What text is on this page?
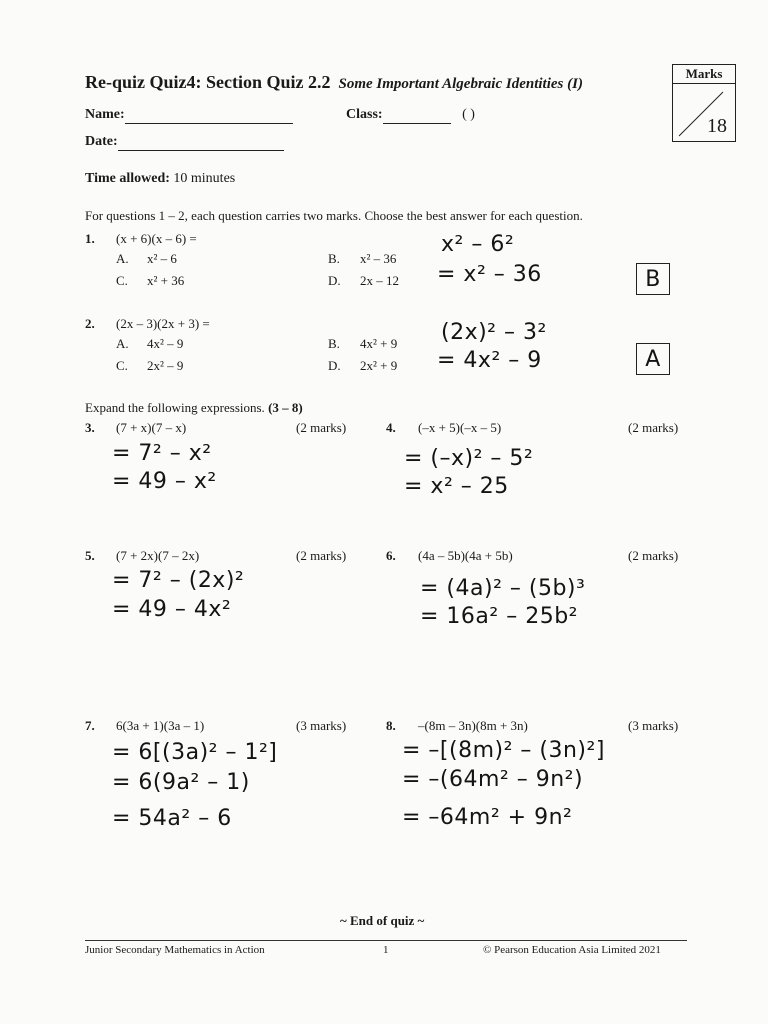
Re-quiz Quiz4: Section Quiz 2.2 Some Important Algebraic Identities (I)
Marks
18
Name:	Class:	( )
Date:
Time allowed: 10 minutes
For questions 1 – 2, each question carries two marks. Choose the best answer for each question.
1. (x + 6)(x – 6) =
A. x² – 6	B. x² – 36
C. x² + 36	D. 2x – 12
x² – 6²
= x² – 36	B
2. (2x – 3)(2x + 3) =
A. 4x² – 9	B. 4x² + 9
C. 2x² – 9	D. 2x² + 9
(2x)² – 3²
= 4x² – 9	A
Expand the following expressions. (3 – 8)
3. (7 + x)(7 – x)	(2 marks)
= 7² – x²
= 49 – x²
4. (–x + 5)(–x – 5)	(2 marks)
= (–x)² – 5²
= x² – 25
5. (7 + 2x)(7 – 2x)	(2 marks)
= 7² – (2x)²
= 49 – 4x²
6. (4a – 5b)(4a + 5b)	(2 marks)
= (4a)² – (5b)³
= 16a² – 25b²
7. 6(3a + 1)(3a – 1)	(3 marks)
= 6[(3a)² – 1²]
= 6(9a² – 1)
= 54a² – 6
8. –(8m – 3n)(8m + 3n)	(3 marks)
= –[(8m)² – (3n)²]
= –(64m² – 9n²)
= –64m² + 9n²
~ End of quiz ~
Junior Secondary Mathematics in Action	1	© Pearson Education Asia Limited 2021
